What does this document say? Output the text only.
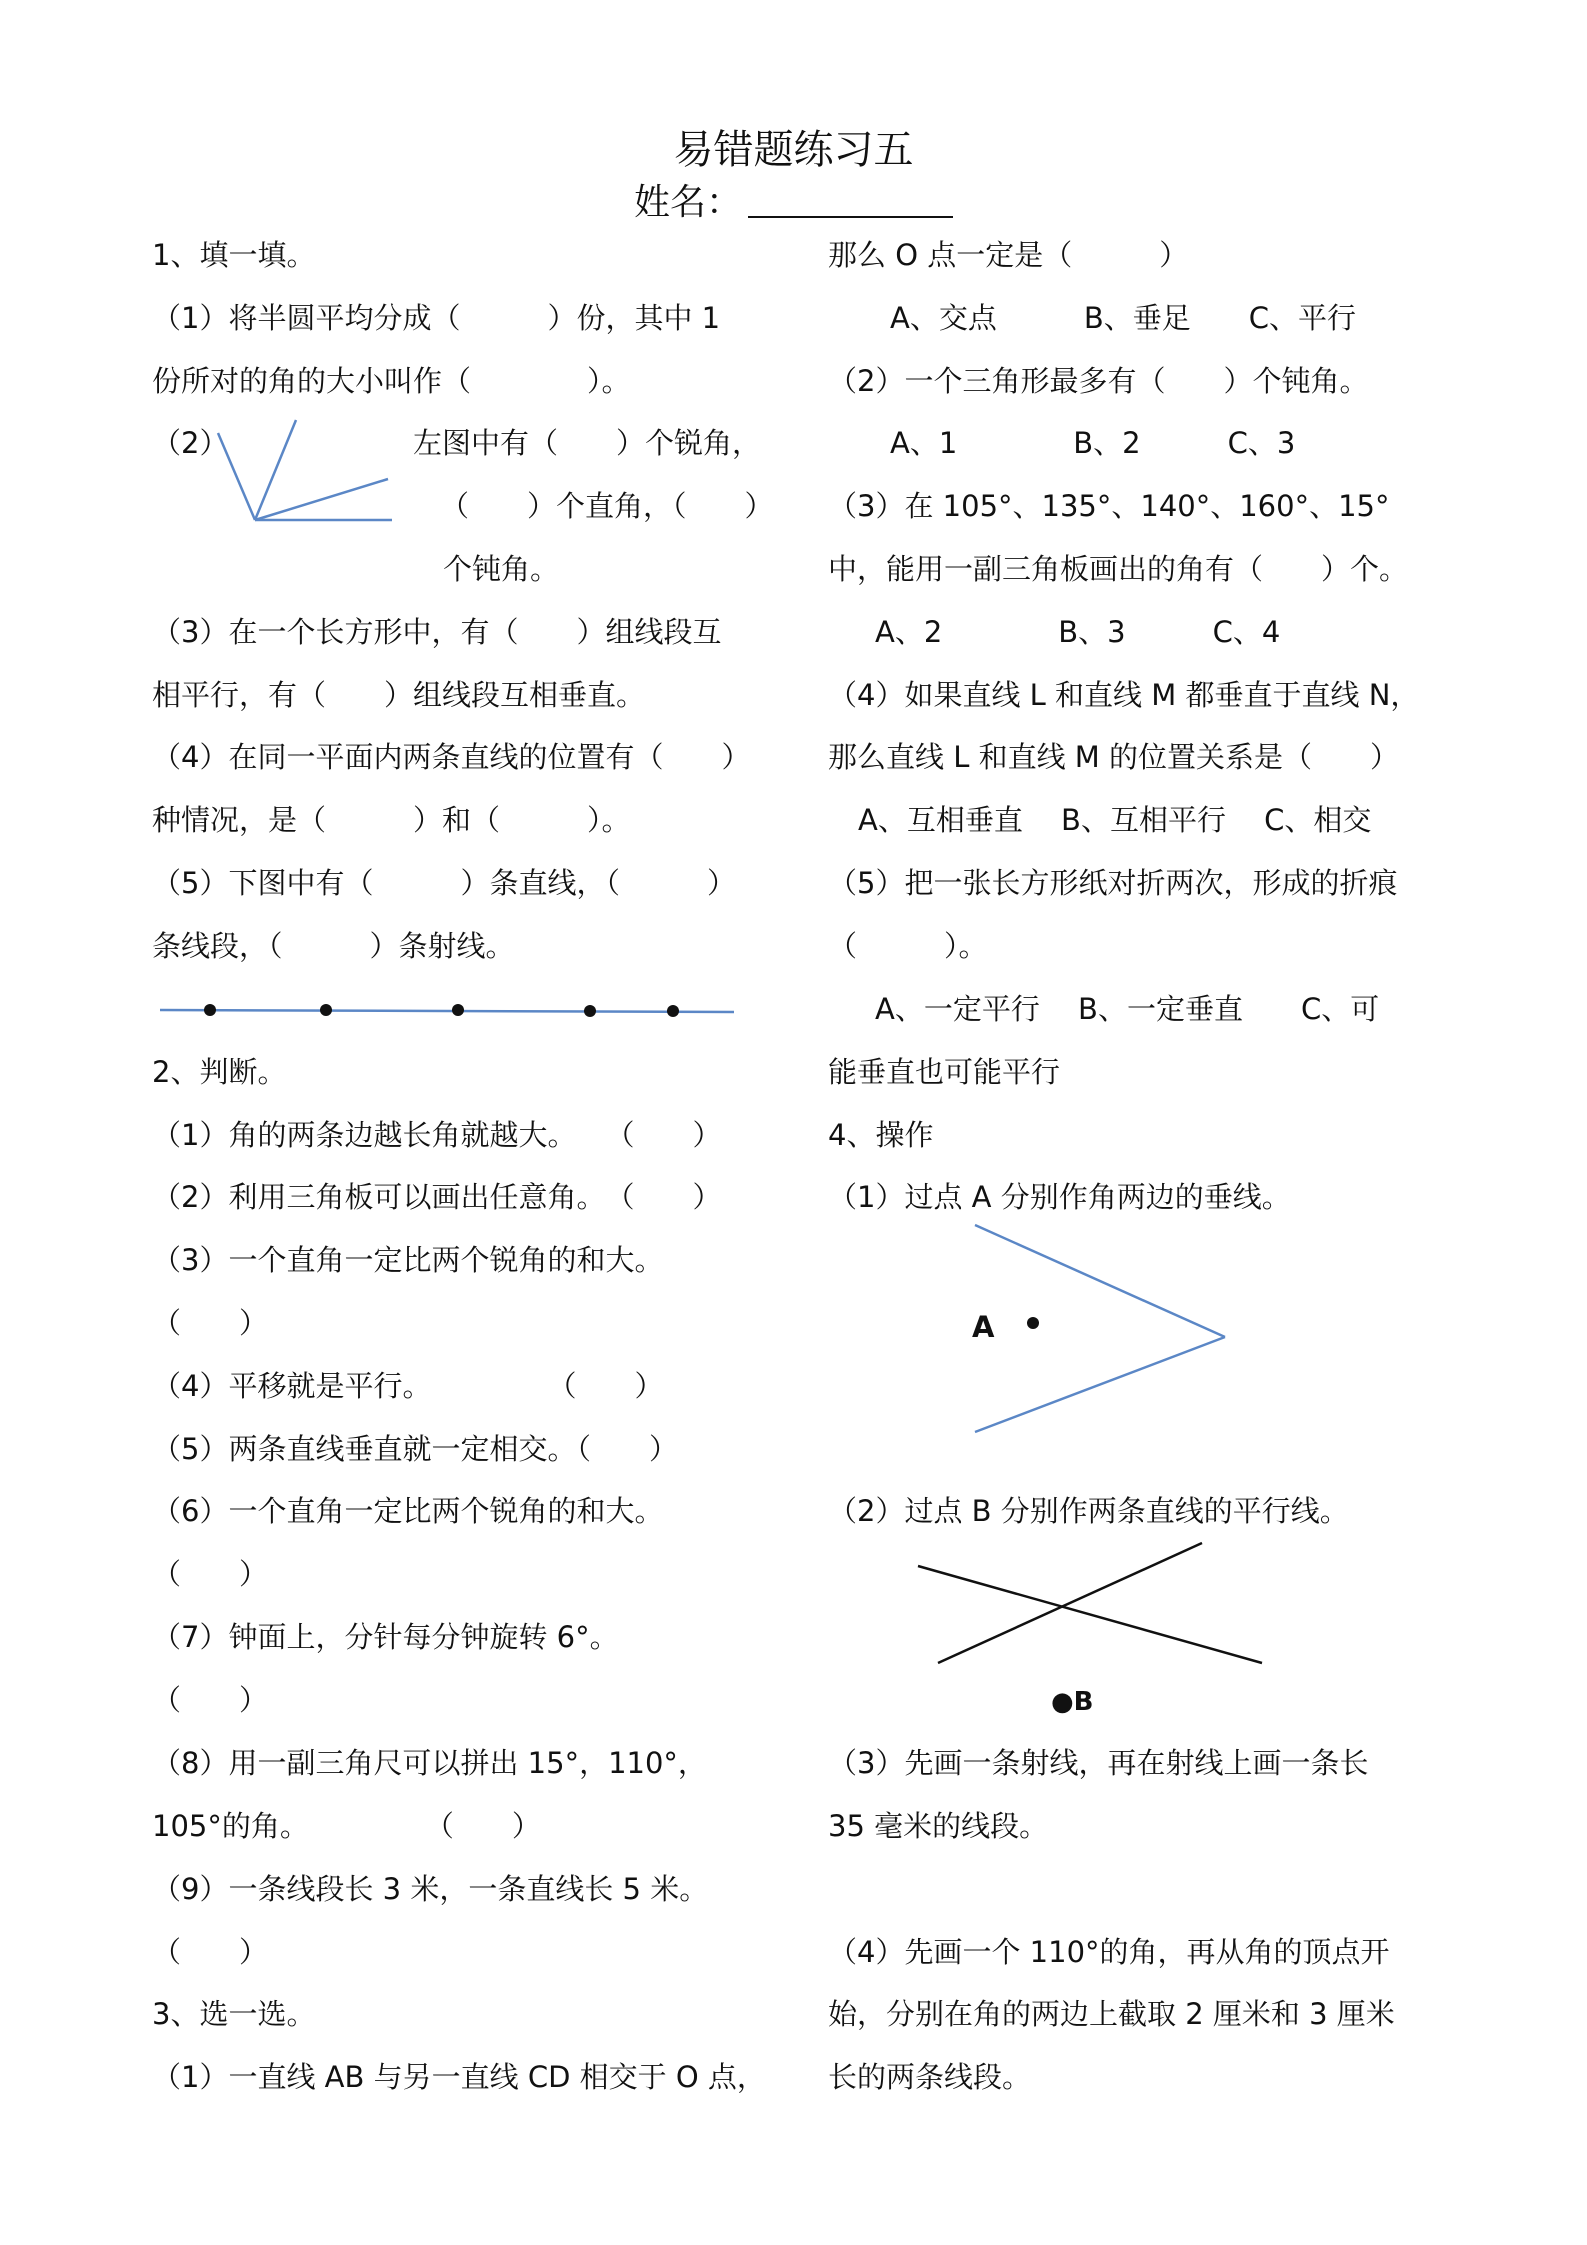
易错题练习五
姓名：
1、填一填。
（1）将半圆平均分成（　　　）份，其中 1
份所对的角的大小叫作（　　　　）。
（2）	左图中有（　　）个锐角，
（　　）个直角，（　　）
个钝角。
（3）在一个长方形中，有（　　）组线段互
相平行，有（　　）组线段互相垂直。
（4）在同一平面内两条直线的位置有（　　）
种情况，是（　　　）和（　　　）。
（5）下图中有（　　　）条直线，（　　　）
条线段，（　　　）条射线。
2、判断。
（1）角的两条边越长角就越大。　　（　　）
（2）利用三角板可以画出任意角。　（　　）
（3）一个直角一定比两个锐角的和大。
（　　）
（4）平移就是平行。　　　　　（　　）
（5）两条直线垂直就一定相交。（　　）
（6）一个直角一定比两个锐角的和大。
（　　）
（7）钟面上，分针每分钟旋转 6°。
（　　）
（8）用一副三角尺可以拼出 15°，110°，
105°的角。　　　　　（　　）
（9）一条线段长 3 米，一条直线长 5 米。
（　　）
3、选一选。
（1）一直线 AB 与另一直线 CD 相交于 O 点，
A
●B
那么 O 点一定是（　　　）
A、交点　　　B、垂足　　C、平行
（2）一个三角形最多有（　　）个钝角。
A、1　　　　B、2　　　C、3
（3）在 105°、135°、140°、160°、15°
中，能用一副三角板画出的角有（　　）个。
A、2　　　　B、3　　　C、4
（4）如果直线 L 和直线 M 都垂直于直线 N，
那么直线 L 和直线 M 的位置关系是（　　）
A、互相垂直　 B、互相平行　 C、相交
（5）把一张长方形纸对折两次，形成的折痕
（　　　）。
A、一定平行　 B、一定垂直　　C、可
能垂直也可能平行
4、操作
（1）过点 A 分别作角两边的垂线。
（2）过点 B 分别作两条直线的平行线。
（3）先画一条射线，再在射线上画一条长
35 毫米的线段。
（4）先画一个 110°的角，再从角的顶点开
始，分别在角的两边上截取 2 厘米和 3 厘米
长的两条线段。
